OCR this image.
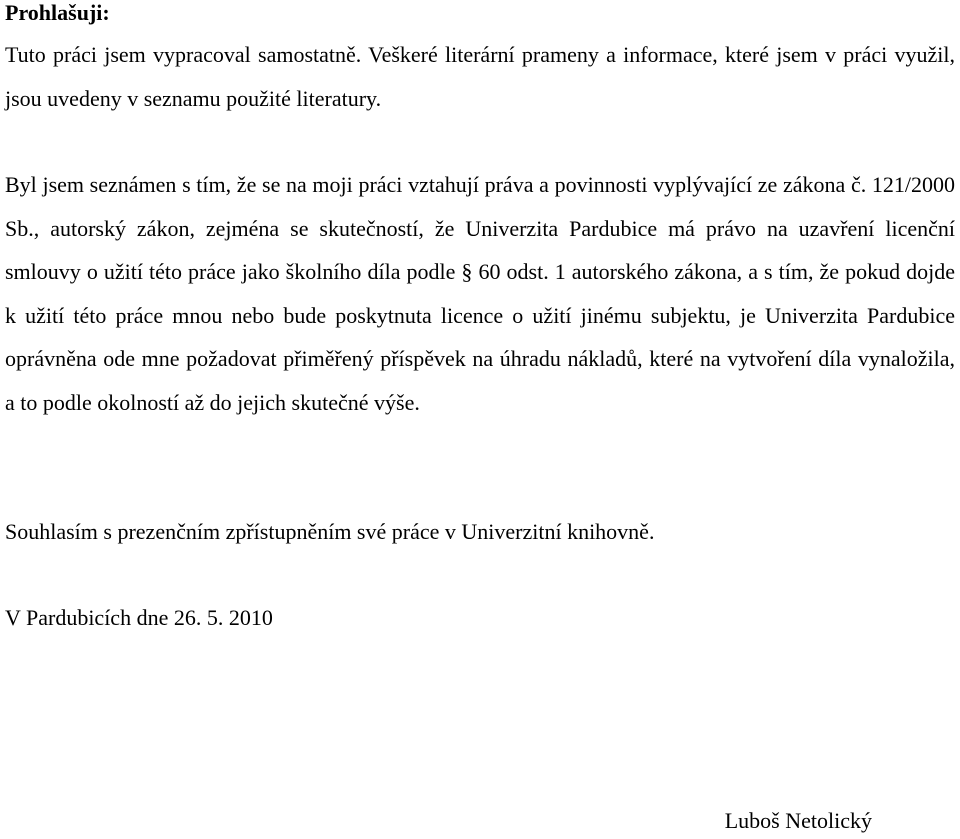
Prohlašuji:

Tuto práci jsem vypracoval samostatně. Veškeré literární prameny a informace, které jsem v práci využil, jsou uvedeny v seznamu použité literatury.

Byl jsem seznámen s tím, že se na moji práci vztahují práva a povinnosti vyplývající ze zákona č. 121/2000 Sb., autorský zákon, zejména se skutečností, že Univerzita Pardubice má právo na uzavření licenční smlouvy o užití této práce jako školního díla podle § 60 odst. 1 autorského zákona, a s tím, že pokud dojde k užití této práce mnou nebo bude poskytnuta licence o užití jinému subjektu, je Univerzita Pardubice oprávněna ode mne požadovat přiměřený příspěvek na úhradu nákladů, které na vytvoření díla vynaložila, a to podle okolností až do jejich skutečné výše.

Souhlasím s prezenčním zpřístupněním své práce v Univerzitní knihovně.

V Pardubicích dne 26. 5. 2010

Luboš Netolický
